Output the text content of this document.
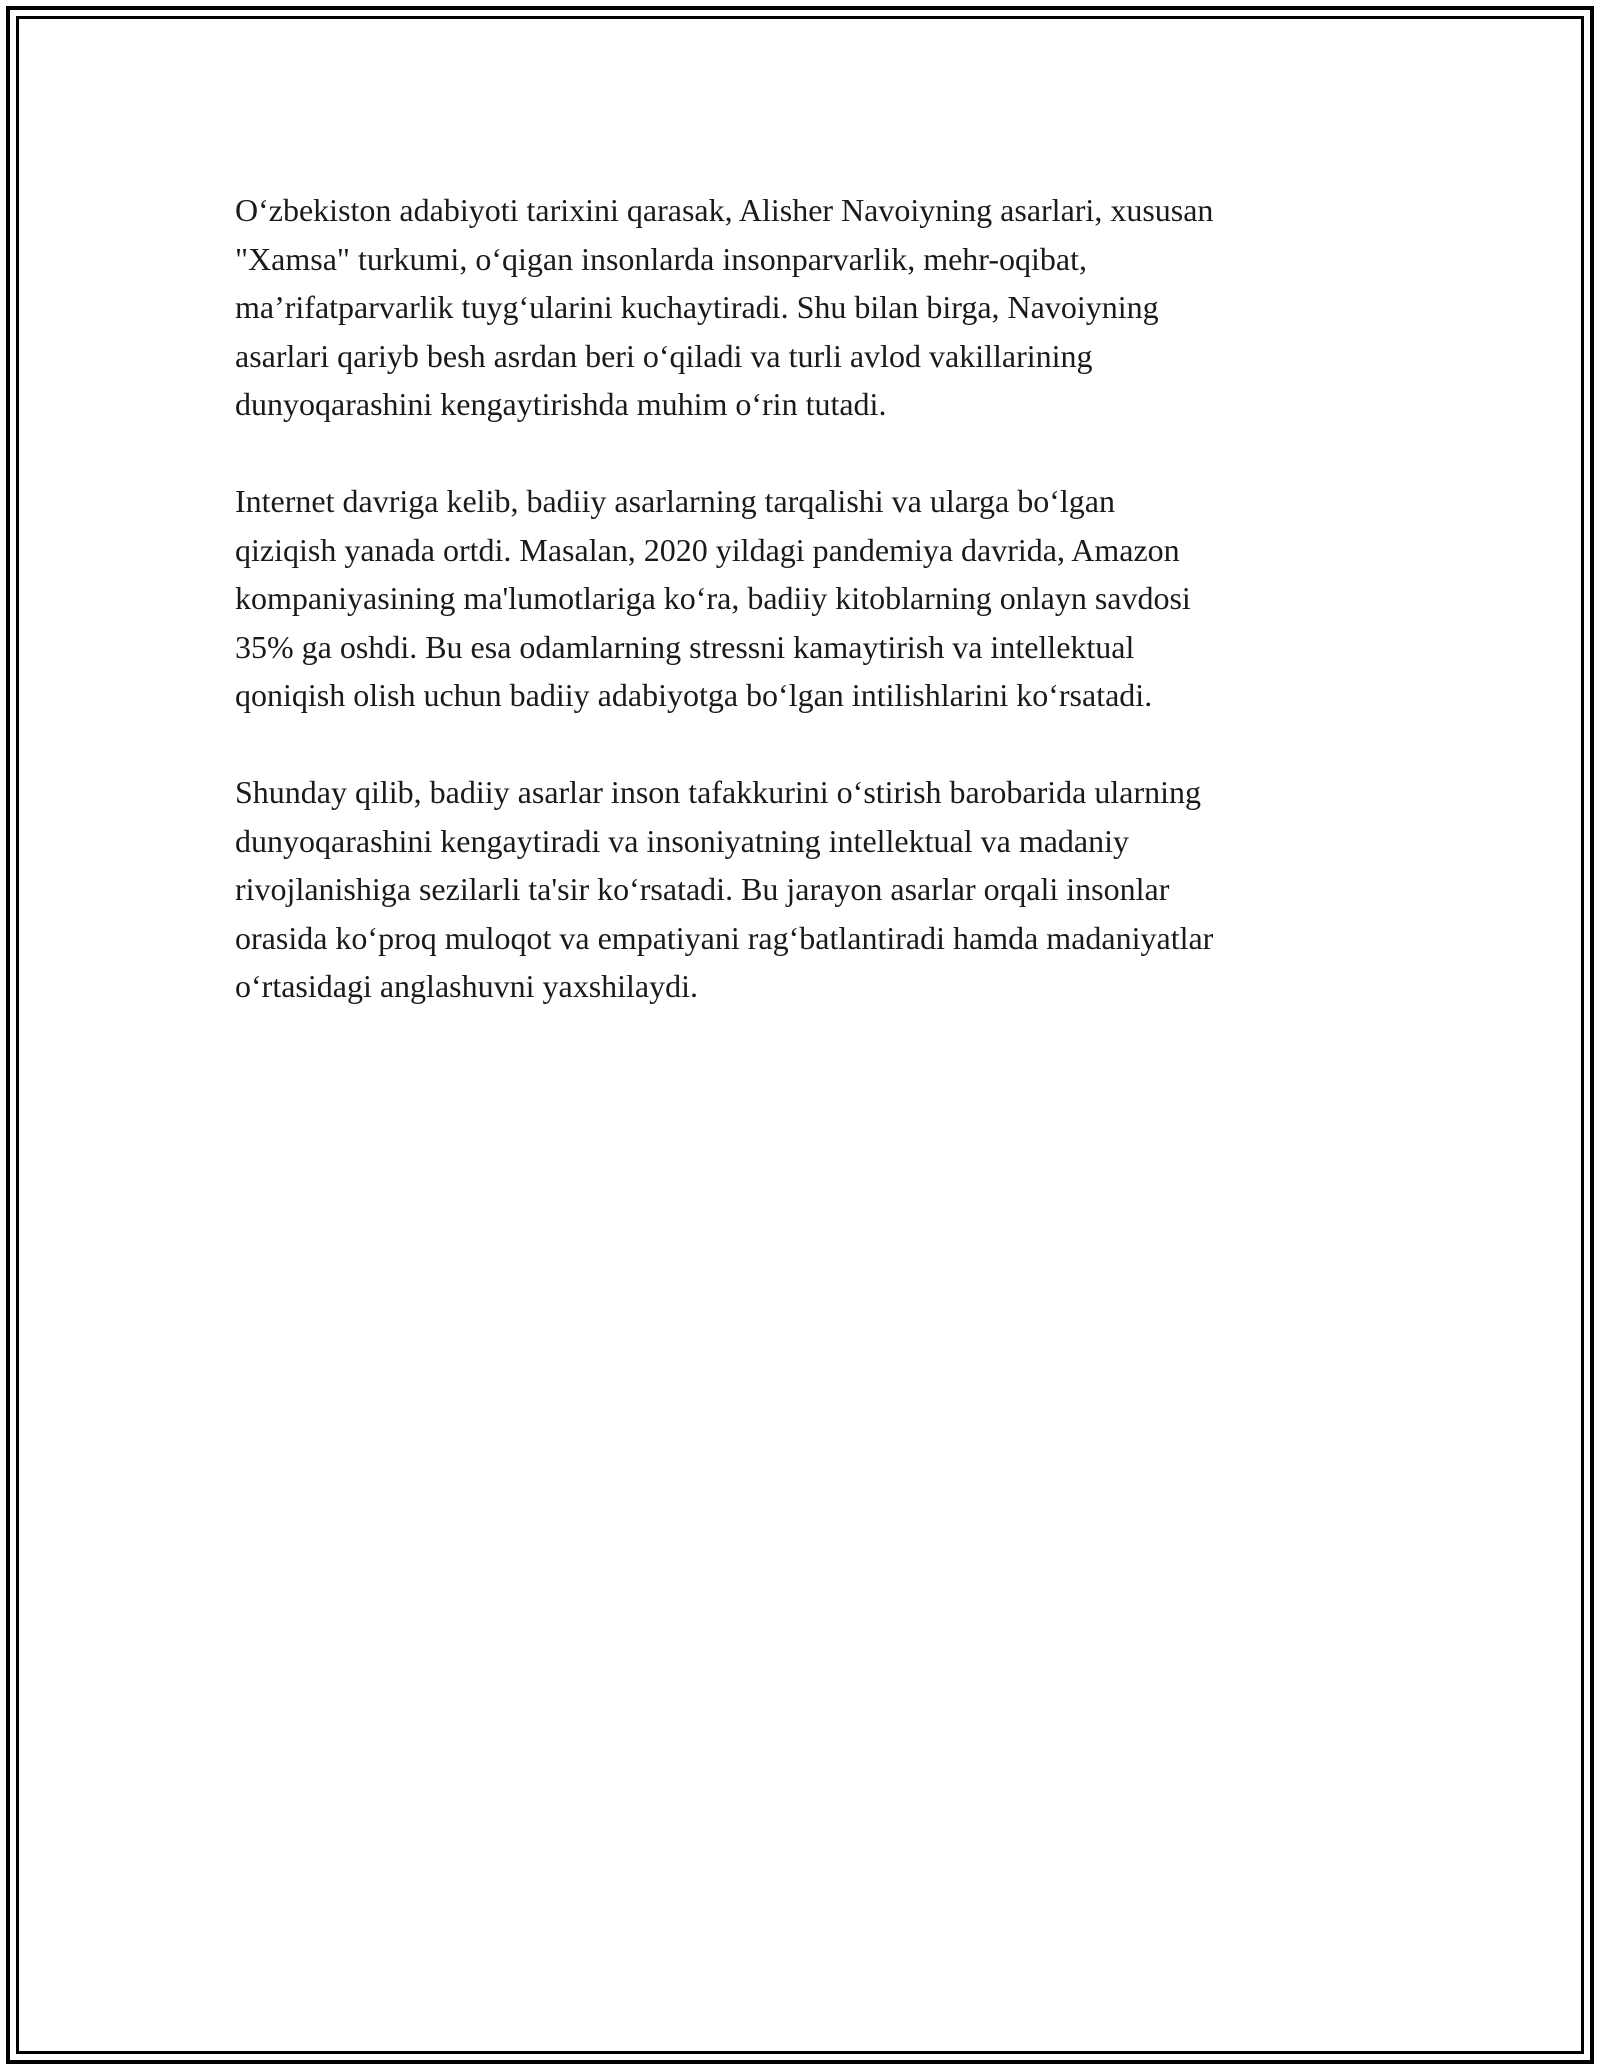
O‘zbekiston adabiyoti tarixini qarasak, Alisher Navoiyning asarlari, xususan
"Xamsa" turkumi, o‘qigan insonlarda insonparvarlik, mehr-oqibat,
ma’rifatparvarlik tuyg‘ularini kuchaytiradi. Shu bilan birga, Navoiyning
asarlari qariyb besh asrdan beri o‘qiladi va turli avlod vakillarining
dunyoqarashini kengaytirishda muhim o‘rin tutadi.

Internet davriga kelib, badiiy asarlarning tarqalishi va ularga bo‘lgan
qiziqish yanada ortdi. Masalan, 2020 yildagi pandemiya davrida, Amazon
kompaniyasining ma'lumotlariga ko‘ra, badiiy kitoblarning onlayn savdosi
35% ga oshdi. Bu esa odamlarning stressni kamaytirish va intellektual
qoniqish olish uchun badiiy adabiyotga bo‘lgan intilishlarini ko‘rsatadi.

Shunday qilib, badiiy asarlar inson tafakkurini o‘stirish barobarida ularning
dunyoqarashini kengaytiradi va insoniyatning intellektual va madaniy
rivojlanishiga sezilarli ta'sir ko‘rsatadi. Bu jarayon asarlar orqali insonlar
orasida ko‘proq muloqot va empatiyani rag‘batlantiradi hamda madaniyatlar
o‘rtasidagi anglashuvni yaxshilaydi.
